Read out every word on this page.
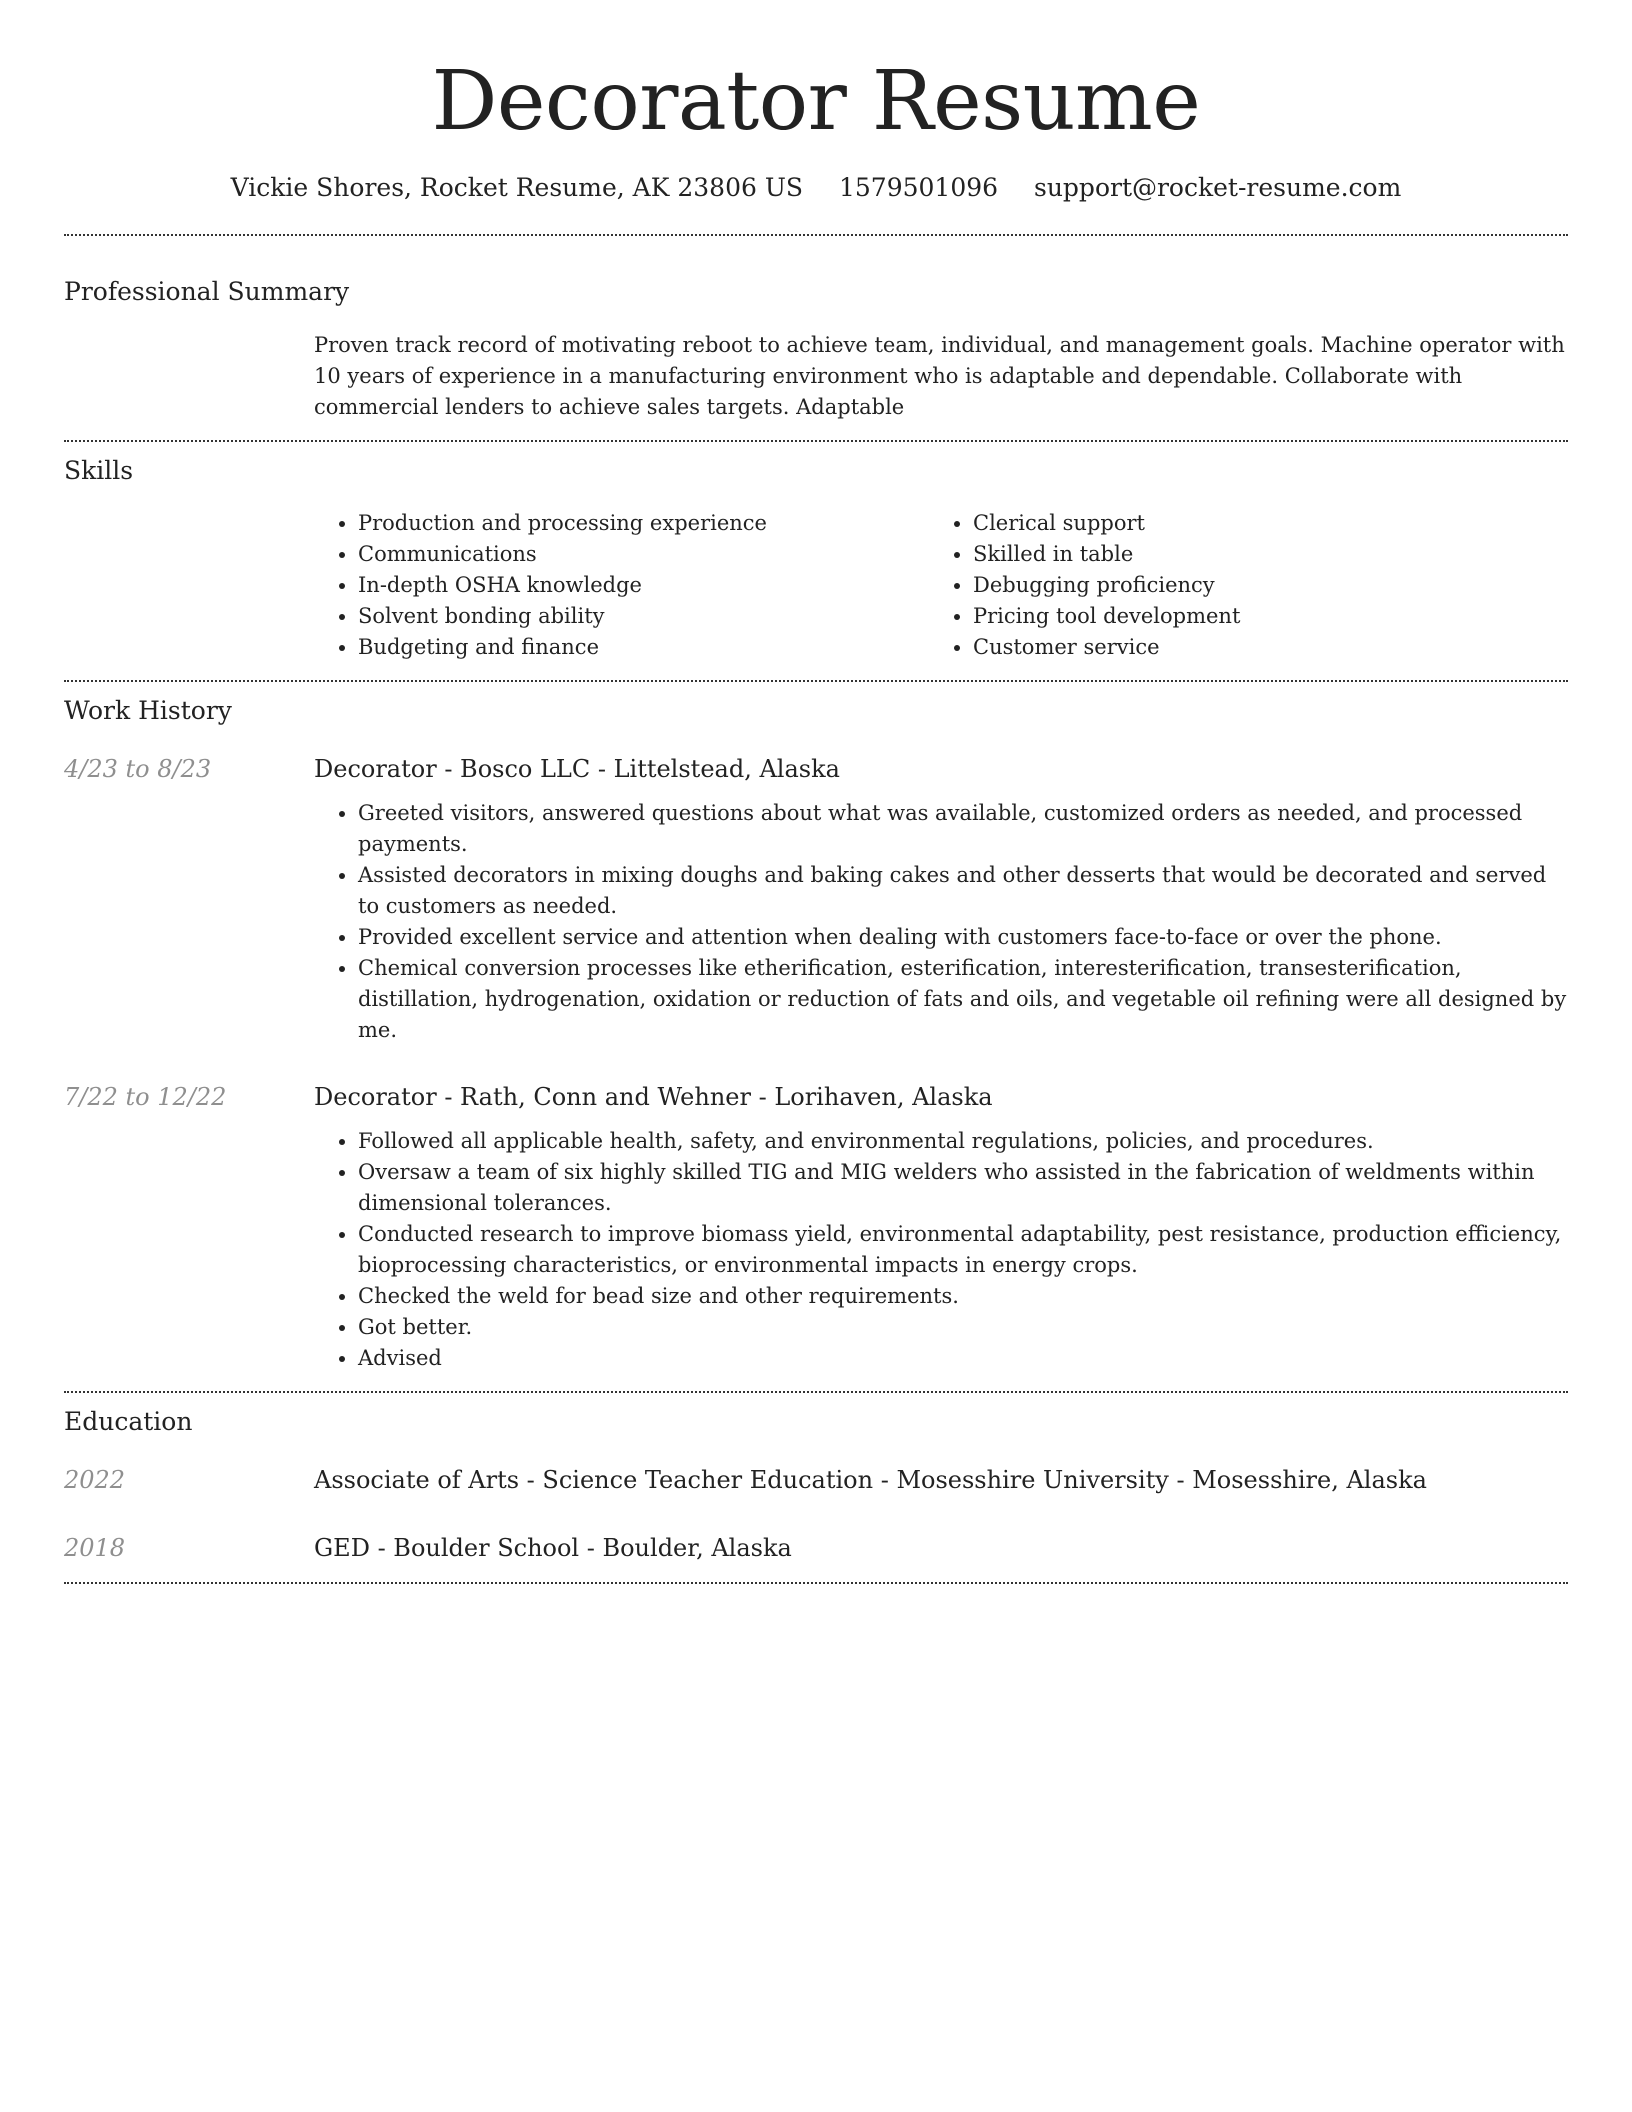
Decorator Resume
Vickie Shores, Rocket Resume, AK 23806 US 1579501096 support@rocket-resume.com
Professional Summary

Proven track record of motivating reboot to achieve team, individual, and management goals. Machine operator with 10 years of experience in a manufacturing environment who is adaptable and dependable. Collaborate with commercial lenders to achieve sales targets. Adaptable

Skills
• Production and processing experience
• Communications
• In-depth OSHA knowledge
• Solvent bonding ability
• Budgeting and finance
• Clerical support
• Skilled in table
• Debugging proficiency
• Pricing tool development
• Customer service
Work History
4/23 to 8/23	Decorator - Bosco LLC - Littelstead, Alaska
• Greeted visitors, answered questions about what was available, customized orders as needed, and processed payments.
• Assisted decorators in mixing doughs and baking cakes and other desserts that would be decorated and served to customers as needed.
• Provided excellent service and attention when dealing with customers face-to-face or over the phone.
• Chemical conversion processes like etherification, esterification, interesterification, transesterification, distillation, hydrogenation, oxidation or reduction of fats and oils, and vegetable oil refining were all designed by me.
7/22 to 12/22	Decorator - Rath, Conn and Wehner - Lorihaven, Alaska
• Followed all applicable health, safety, and environmental regulations, policies, and procedures.
• Oversaw a team of six highly skilled TIG and MIG welders who assisted in the fabrication of weldments within dimensional tolerances.
• Conducted research to improve biomass yield, environmental adaptability, pest resistance, production efficiency, bioprocessing characteristics, or environmental impacts in energy crops.
• Checked the weld for bead size and other requirements.
• Got better.
• Advised
Education
2022	Associate of Arts - Science Teacher Education - Mosesshire University - Mosesshire, Alaska
2018	GED - Boulder School - Boulder, Alaska
